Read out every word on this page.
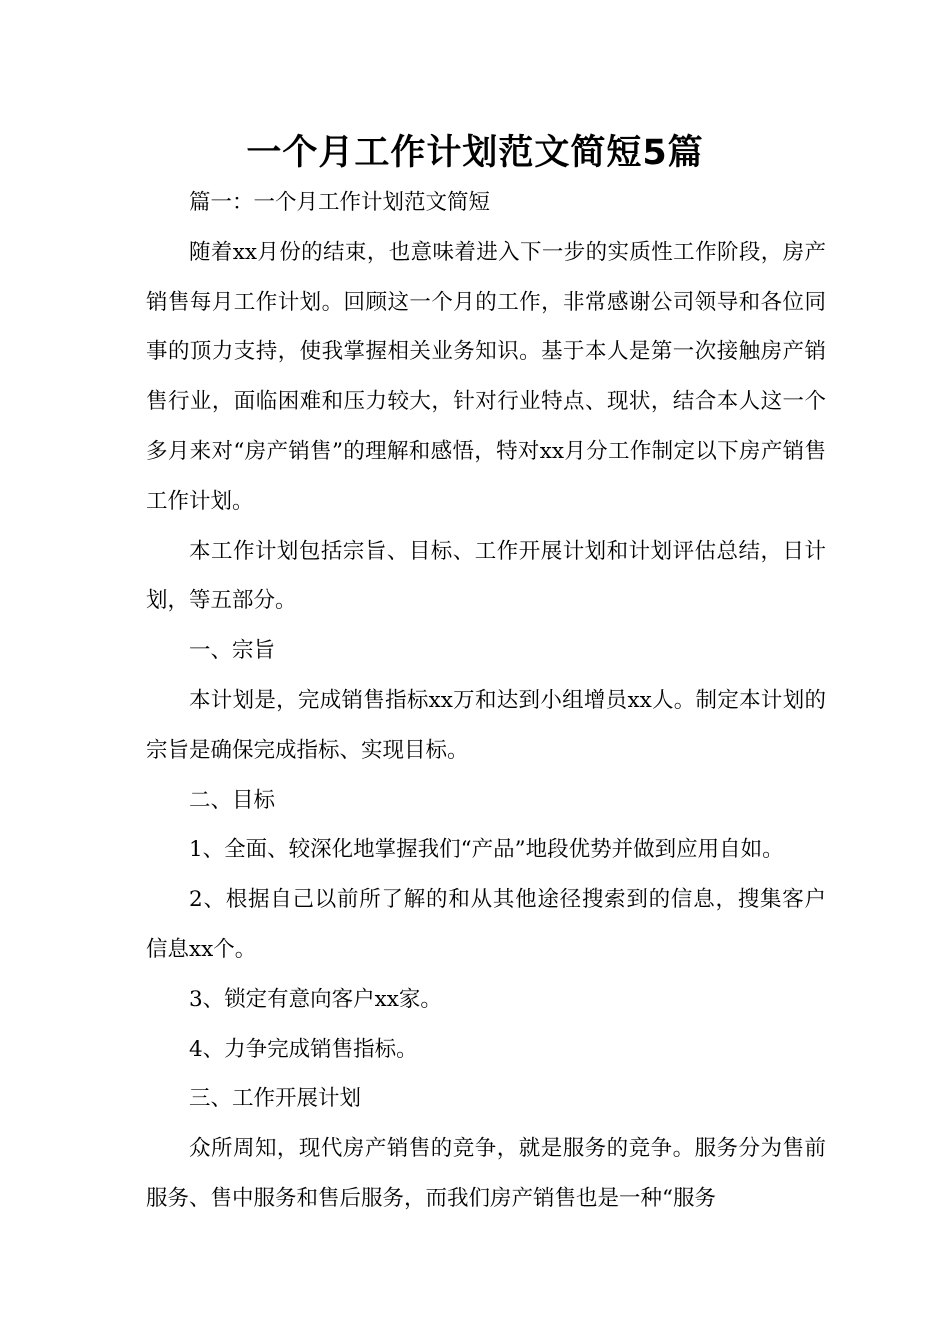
一个月工作计划范文简短5篇

篇一：一个月工作计划范文简短

随着xx月份的结束，也意味着进入下一步的实质性工作阶段，房产销售每月工作计划。回顾这一个月的工作，非常感谢公司领导和各位同事的顶力支持，使我掌握相关业务知识。基于本人是第一次接触房产销售行业，面临困难和压力较大，针对行业特点、现状，结合本人这一个多月来对“房产销售”的理解和感悟，特对xx月分工作制定以下房产销售工作计划。

本工作计划包括宗旨、目标、工作开展计划和计划评估总结，日计划，等五部分。

一、宗旨

本计划是，完成销售指标xx万和达到小组增员xx人。制定本计划的宗旨是确保完成指标、实现目标。

二、目标

1、全面、较深化地掌握我们“产品”地段优势并做到应用自如。

2、根据自己以前所了解的和从其他途径搜索到的信息，搜集客户信息xx个。

3、锁定有意向客户xx家。

4、力争完成销售指标。

三、工作开展计划

众所周知，现代房产销售的竞争，就是服务的竞争。服务分为售前服务、售中服务和售后服务，而我们房产销售也是一种“服务
